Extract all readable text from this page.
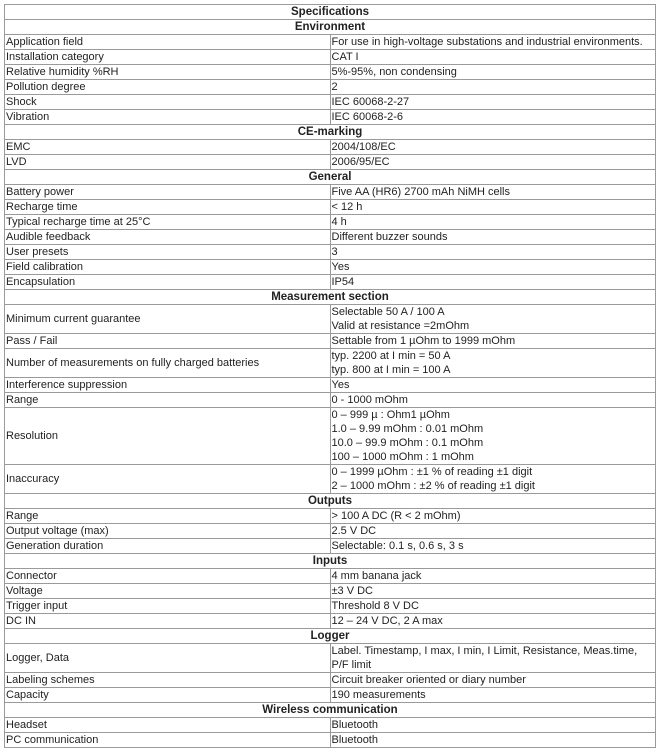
Specifications	
Environment	
Application field	For use in high-voltage substations and industrial environments.

Installation category	CAT I

Relative humidity %RH	5%-95%, non condensing

Pollution degree	2

Shock	IEC 60068-2-27

Vibration	IEC 60068-2-6

CE-marking	
EMC	2004/108/EC

LVD	2006/95/EC

General	
Battery power	Five AA (HR6) 2700 mAh NiMH cells

Recharge time	< 12 h

Typical recharge time at 25°C	4 h

Audible feedback	Different buzzer sounds

User presets	3

Field calibration	Yes

Encapsulation	IP54

Measurement section	
Minimum current guarantee	Selectable 50 A / 100 A
Valid at resistance =2mOhm

Pass / Fail	Settable from 1 µOhm to 1999 mOhm

Number of measurements on fully charged batteries	typ. 2200 at I min = 50 A
typ. 800 at I min = 100 A

Interference suppression	Yes

Range	0 - 1000 mOhm

Resolution	0 – 999 µ : Ohm1 µOhm
1.0 – 9.99 mOhm : 0.01 mOhm
10.0 – 99.9 mOhm : 0.1 mOhm
100 – 1000 mOhm : 1 mOhm

Inaccuracy	0 – 1999 µOhm : ±1 % of reading ±1 digit
2 – 1000 mOhm : ±2 % of reading ±1 digit

Outputs	
Range	> 100 A DC (R < 2 mOhm)

Output voltage (max)	2.5 V DC

Generation duration	Selectable: 0.1 s, 0.6 s, 3 s

Inputs	
Connector	4 mm banana jack

Voltage	±3 V DC

Trigger input	Threshold 8 V DC

DC IN	12 – 24 V DC, 2 A max

Logger	
Logger, Data	Label. Timestamp, I max, I min, I Limit, Resistance, Meas.time, P/F limit

Labeling schemes	Circuit breaker oriented or diary number

Capacity	190 measurements

Wireless communication	
Headset	Bluetooth

PC communication	Bluetooth
